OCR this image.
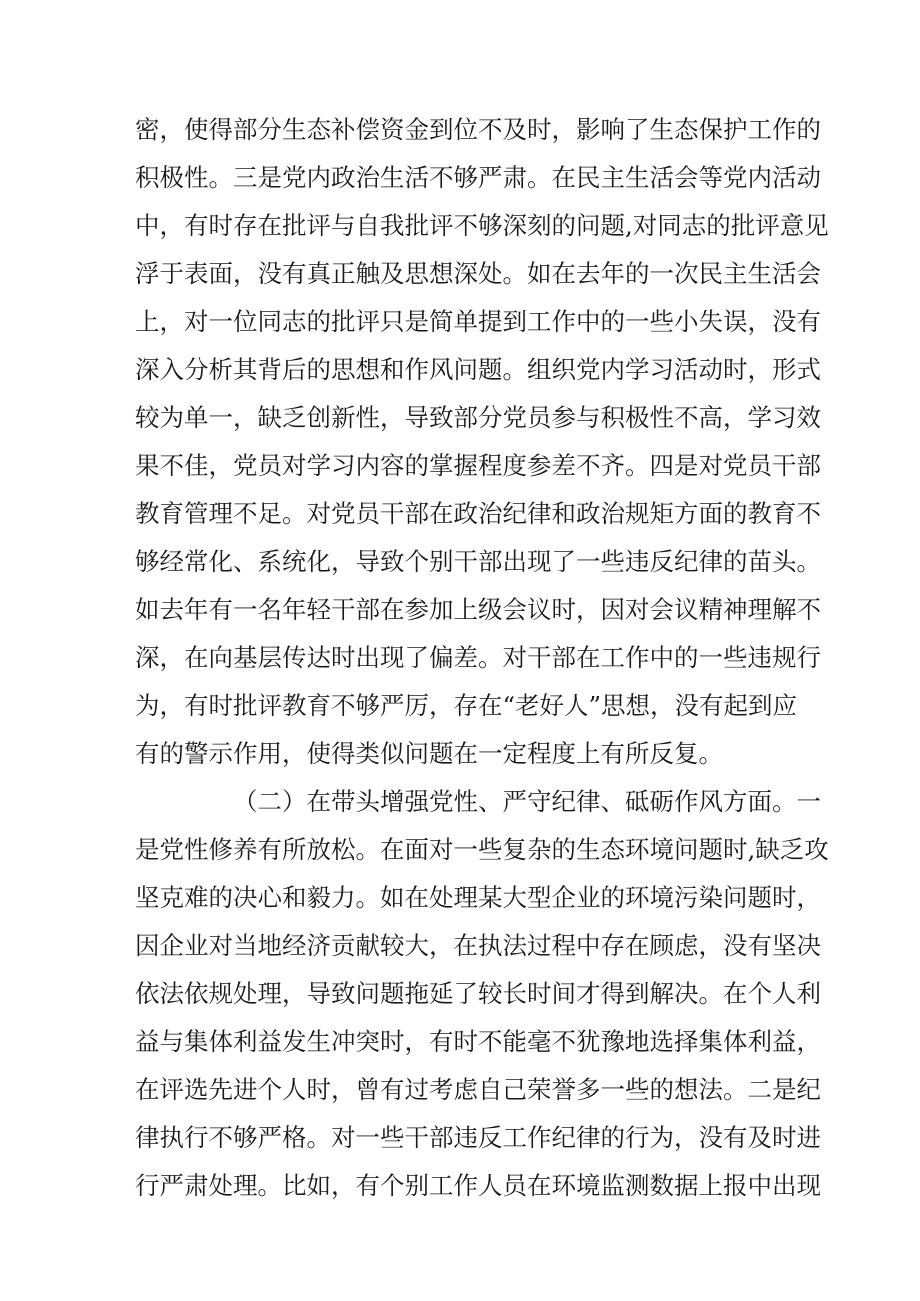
密，使得部分生态补偿资金到位不及时，影响了生态保护工作的
积极性。三是党内政治生活不够严肃。在民主生活会等党内活动
中，有时存在批评与自我批评不够深刻的问题,对同志的批评意见
浮于表面，没有真正触及思想深处。如在去年的一次民主生活会
上，对一位同志的批评只是简单提到工作中的一些小失误，没有
深入分析其背后的思想和作风问题。组织党内学习活动时，形式
较为单一，缺乏创新性，导致部分党员参与积极性不高，学习效
果不佳，党员对学习内容的掌握程度参差不齐。四是对党员干部
教育管理不足。对党员干部在政治纪律和政治规矩方面的教育不
够经常化、系统化，导致个别干部出现了一些违反纪律的苗头。
如去年有一名年轻干部在参加上级会议时，因对会议精神理解不
深，在向基层传达时出现了偏差。对干部在工作中的一些违规行
为，有时批评教育不够严厉，存在“老好人”思想，没有起到应
有的警示作用，使得类似问题在一定程度上有所反复。
（二）在带头增强党性、严守纪律、砥砺作风方面。一
是党性修养有所放松。在面对一些复杂的生态环境问题时,缺乏攻
坚克难的决心和毅力。如在处理某大型企业的环境污染问题时，
因企业对当地经济贡献较大，在执法过程中存在顾虑，没有坚决
依法依规处理，导致问题拖延了较长时间才得到解决。在个人利
益与集体利益发生冲突时，有时不能毫不犹豫地选择集体利益，
在评选先进个人时，曾有过考虑自己荣誉多一些的想法。二是纪
律执行不够严格。对一些干部违反工作纪律的行为，没有及时进
行严肃处理。比如，有个别工作人员在环境监测数据上报中出现
